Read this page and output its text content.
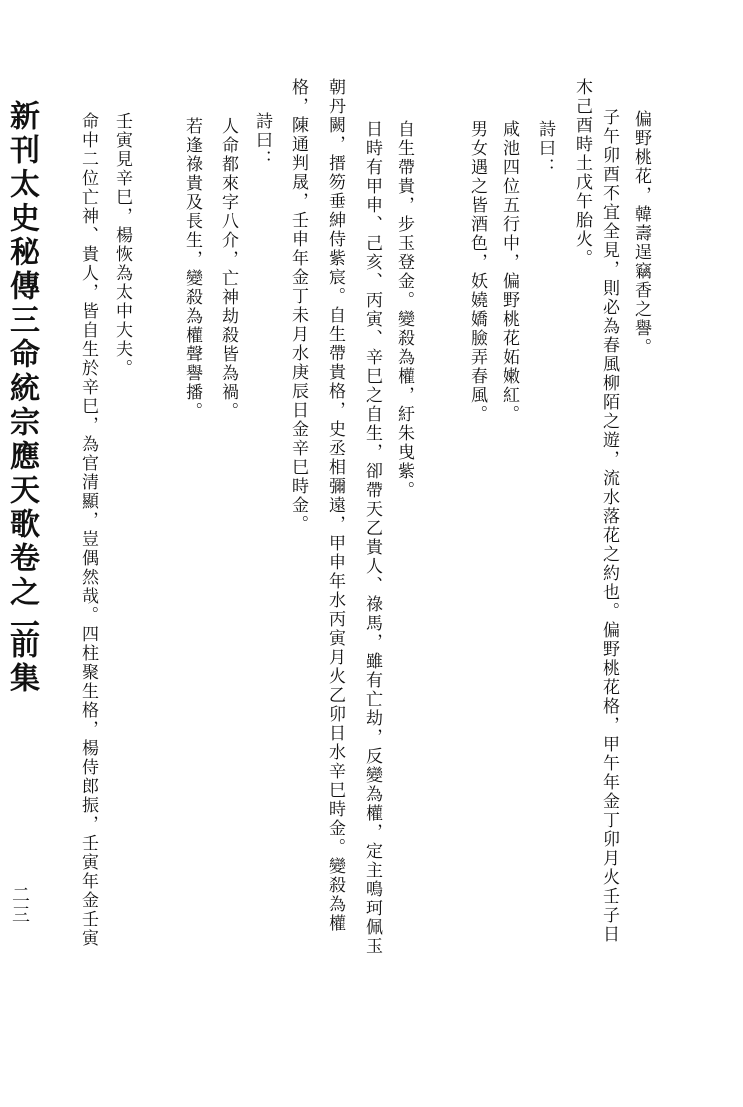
偏野桃花，韓壽逞竊香之譽。

子午卯酉不宜全見，則必為春風柳陌之遊，流水落花之約也。偏野桃花格，甲午年金丁卯月火壬子日

木己酉時土戊午胎火。

詩曰：

咸池四位五行中，偏野桃花妬嫩紅。

男女遇之皆酒色，妖嬈嬌臉弄春風。

自生帶貴，步玉登金。變殺為權，紆朱曳紫。

日時有甲申、己亥、丙寅、辛巳之自生，卻帶天乙貴人、祿馬，雖有亡劫，反變為權，定主鳴珂佩玉

朝丹闕，搢笏垂紳侍紫宸。自生帶貴格，史丞相彌遠，甲申年水丙寅月火乙卯日水辛巳時金。變殺為權

格，陳通判晟，壬申年金丁未月水庚辰日金辛巳時金。

詩曰：

人命都來字八介，亡神劫殺皆為禍。

若逢祿貴及長生，變殺為權聲譽播。

壬寅見辛巳，楊恢為太中大夫。

命中二位亡神、貴人，皆自生於辛巳，為官清顯，豈偶然哉。四柱聚生格，楊侍郎振，壬寅年金壬寅

新刊太史秘傳三命統宗應天歌卷之一

前集

二三
